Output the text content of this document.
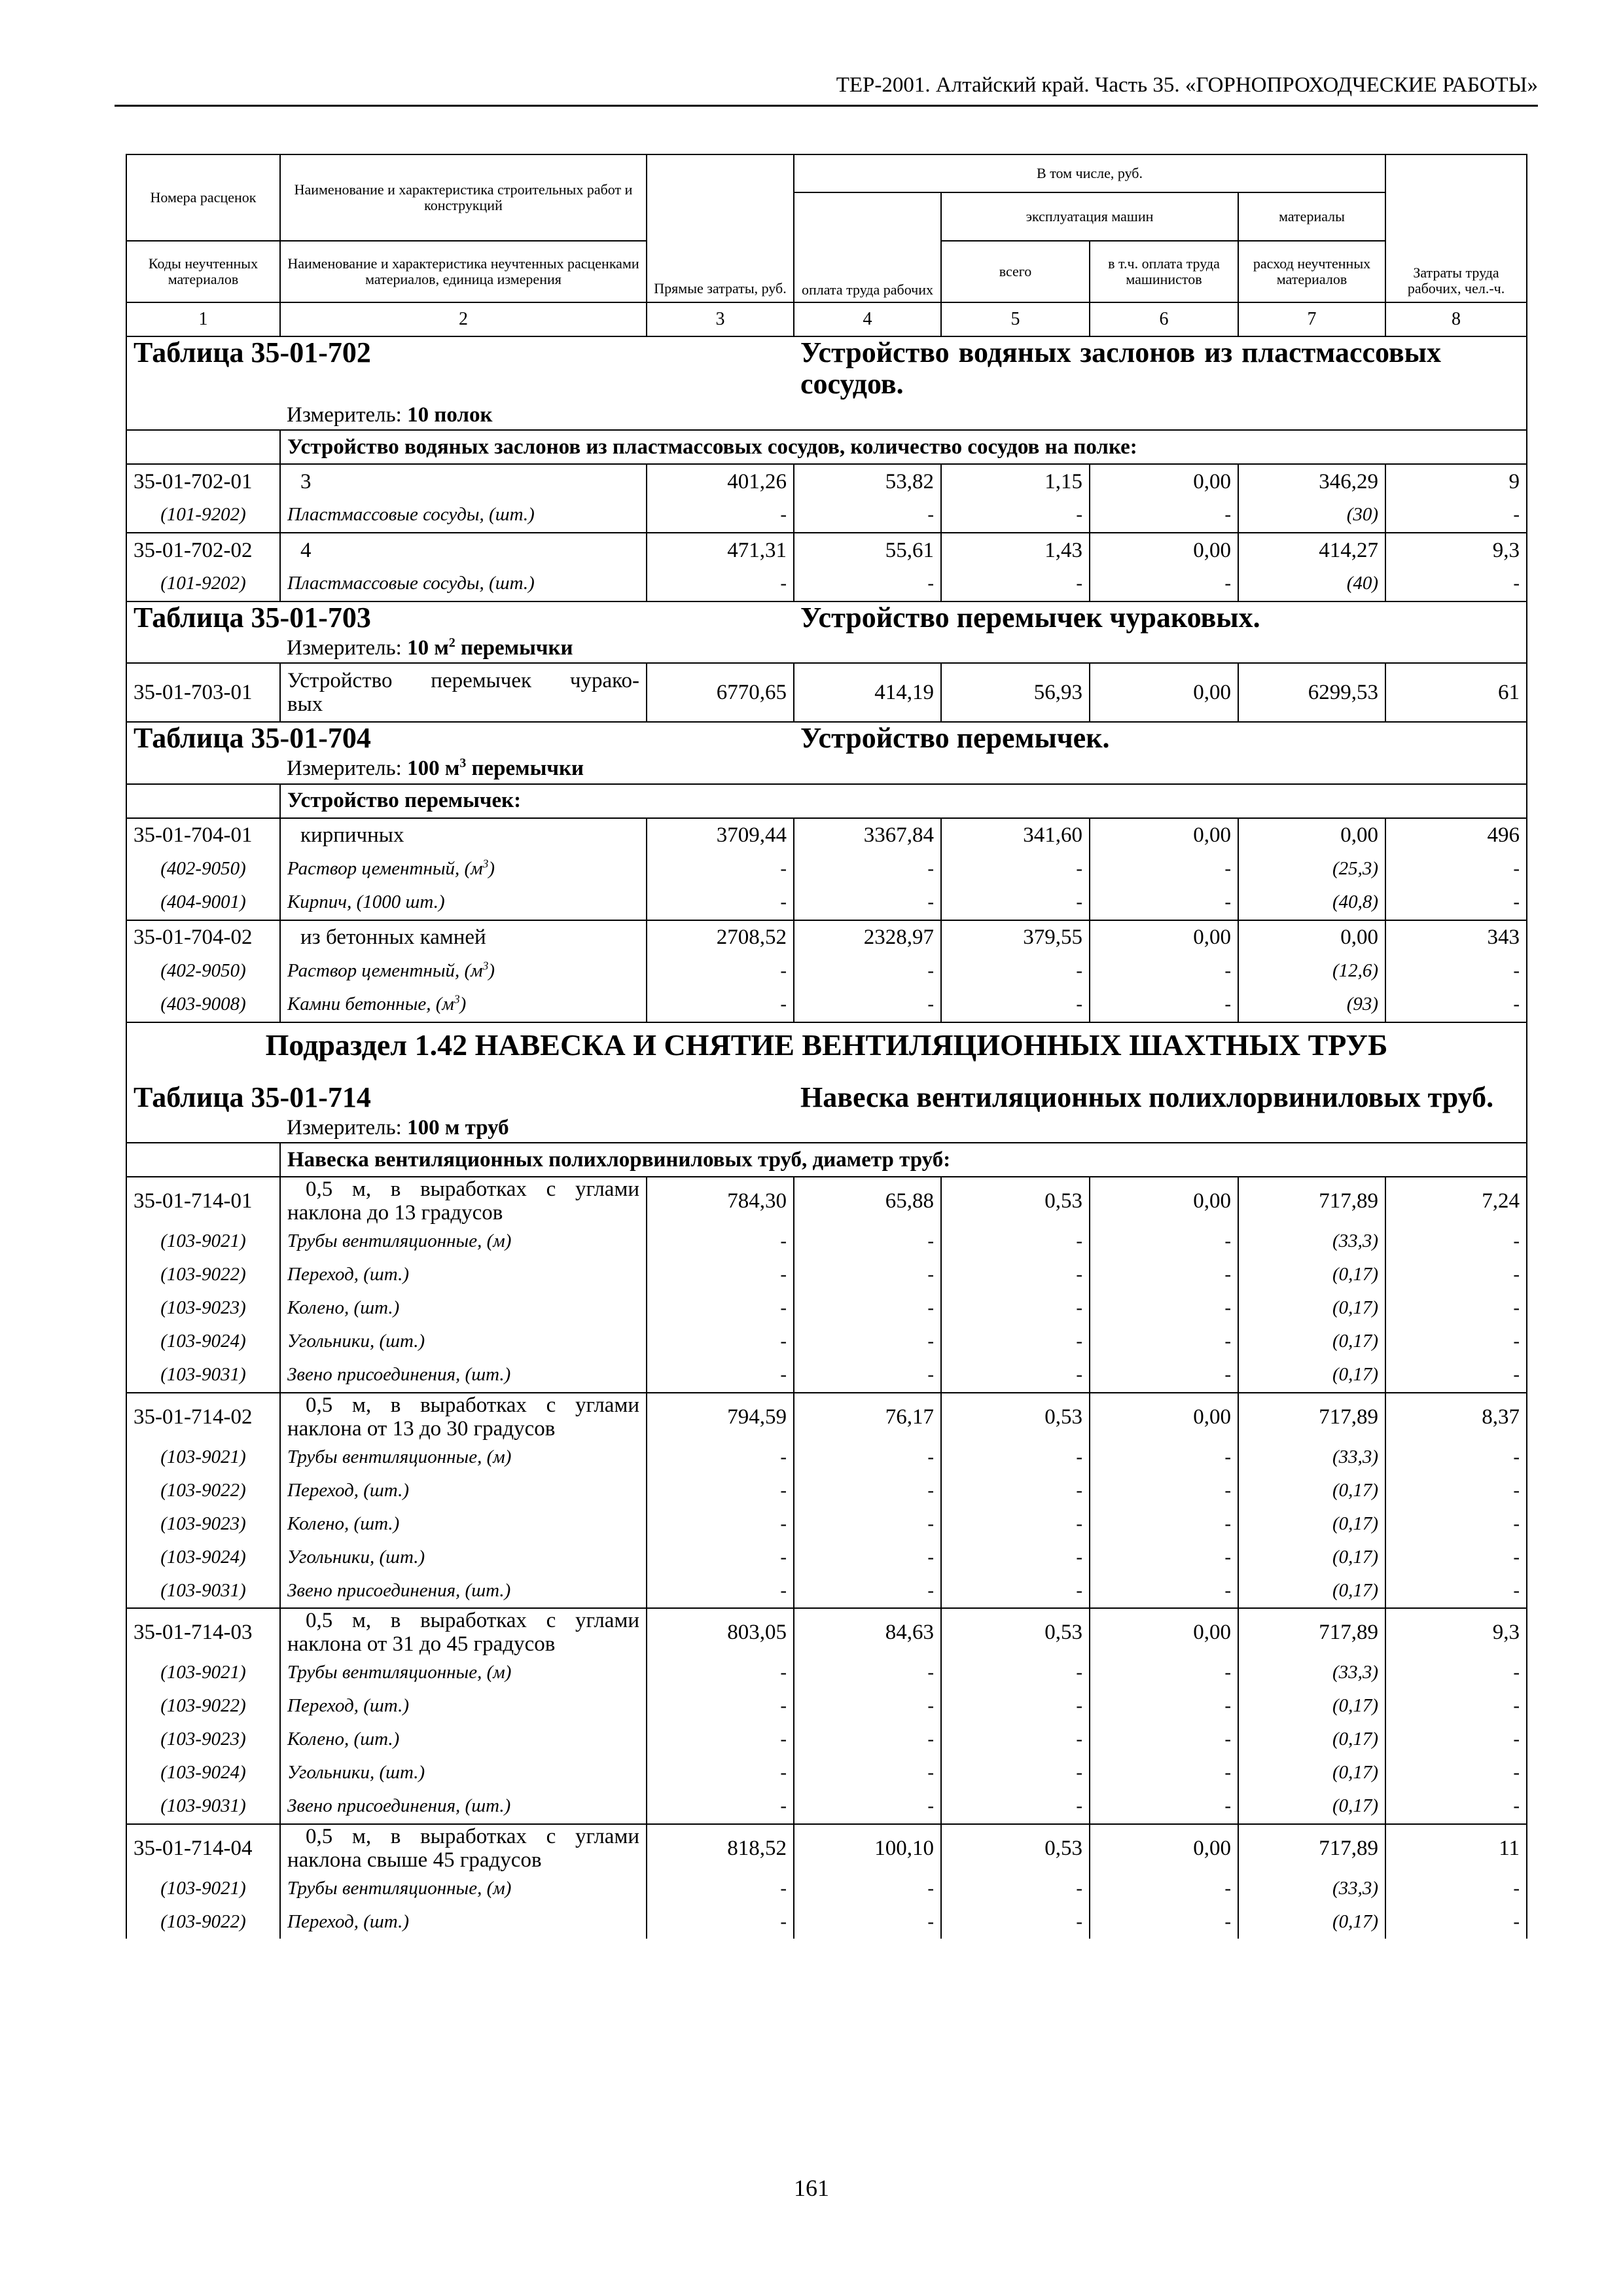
ТЕР-2001. Алтайский край. Часть 35. «ГОРНОПРОХОДЧЕСКИЕ РАБОТЫ»
Номера расценок	Наименование и характеристика строительных работ и конструкций	Прямые затраты, руб.	В том числе, руб.				Затраты труда рабочих, чел.-ч.
			оплата труда рабочих	эксплуатация машин		материалы	
Коды неучтенных материалов	Наименование и характеристика неучтенных расценками материалов, единица измерения			всего	в т.ч. оплата труда машинистов	расход неучтенных материалов	
1	2	3	4	5	6	7	8
Таблица 35-01-702			Устройство водяных заслонов из пластмассовых сосудов.				
	Измеритель: 10 полок						
	Устройство водяных заслонов из пластмассовых сосудов, количество сосудов на полке:						
35-01-702-01	3	401,26	53,82	1,15	0,00	346,29	9
(101-9202)	Пластмассовые сосуды, (шт.)	-	-	-	-	(30)	-
35-01-702-02	4	471,31	55,61	1,43	0,00	414,27	9,3
(101-9202)	Пластмассовые сосуды, (шт.)	-	-	-	-	(40)	-
Таблица 35-01-703			Устройство перемычек чураковых.				
	Измеритель: 10 $м^2$ перемычки						
35-01-703-01	Устройство перемычек чурако-
вых	6770,65	414,19	56,93	0,00	6299,53	61
Таблица 35-01-704			Устройство перемычек.				
	Измеритель: 100 $м^3$ перемычки						
	Устройство перемычек:						
35-01-704-01	кирпичных	3709,44	3367,84	341,60	0,00	0,00	496
(402-9050)	Раствор цементный, $(м^3)$	-	-	-	-	(25,3)	-
(404-9001)	Кирпич, (1000 шт.)	-	-	-	-	(40,8)	-
35-01-704-02	из бетонных камней	2708,52	2328,97	379,55	0,00	0,00	343
(402-9050)	Раствор цементный, $(м^3)$	-	-	-	-	(12,6)	-
(403-9008)	Камни бетонные, $(м^3)$	-	-	-	-	(93)	-
Подраздел 1.42 НАВЕСКА И СНЯТИЕ ВЕНТИЛЯЦИОННЫХ ШАХТНЫХ ТРУБ							
Таблица 35-01-714			Навеска вентиляционных полихлорвиниловых труб.				
	Измеритель: 100 м труб						
	Навеска вентиляционных полихлорвиниловых труб, диаметр труб:						
35-01-714-01	0,5 м, в выработках с углами
наклона до 13 градусов	784,30	65,88	0,53	0,00	717,89	7,24
(103-9021)	Трубы вентиляционные, (м)	-	-	-	-	(33,3)	-
(103-9022)	Переход, (шт.)	-	-	-	-	(0,17)	-
(103-9023)	Колено, (шт.)	-	-	-	-	(0,17)	-
(103-9024)	Угольники, (шт.)	-	-	-	-	(0,17)	-
(103-9031)	Звено присоединения, (шт.)	-	-	-	-	(0,17)	-
35-01-714-02	0,5 м, в выработках с углами
наклона от 13 до 30 градусов	794,59	76,17	0,53	0,00	717,89	8,37
(103-9021)	Трубы вентиляционные, (м)	-	-	-	-	(33,3)	-
(103-9022)	Переход, (шт.)	-	-	-	-	(0,17)	-
(103-9023)	Колено, (шт.)	-	-	-	-	(0,17)	-
(103-9024)	Угольники, (шт.)	-	-	-	-	(0,17)	-
(103-9031)	Звено присоединения, (шт.)	-	-	-	-	(0,17)	-
35-01-714-03	0,5 м, в выработках с углами
наклона от 31 до 45 градусов	803,05	84,63	0,53	0,00	717,89	9,3
(103-9021)	Трубы вентиляционные, (м)	-	-	-	-	(33,3)	-
(103-9022)	Переход, (шт.)	-	-	-	-	(0,17)	-
(103-9023)	Колено, (шт.)	-	-	-	-	(0,17)	-
(103-9024)	Угольники, (шт.)	-	-	-	-	(0,17)	-
(103-9031)	Звено присоединения, (шт.)	-	-	-	-	(0,17)	-
35-01-714-04	0,5 м, в выработках с углами
наклона свыше 45 градусов	818,52	100,10	0,53	0,00	717,89	11
(103-9021)	Трубы вентиляционные, (м)	-	-	-	-	(33,3)	-
(103-9022)	Переход, (шт.)	-	-	-	-	(0,17)	-
161
